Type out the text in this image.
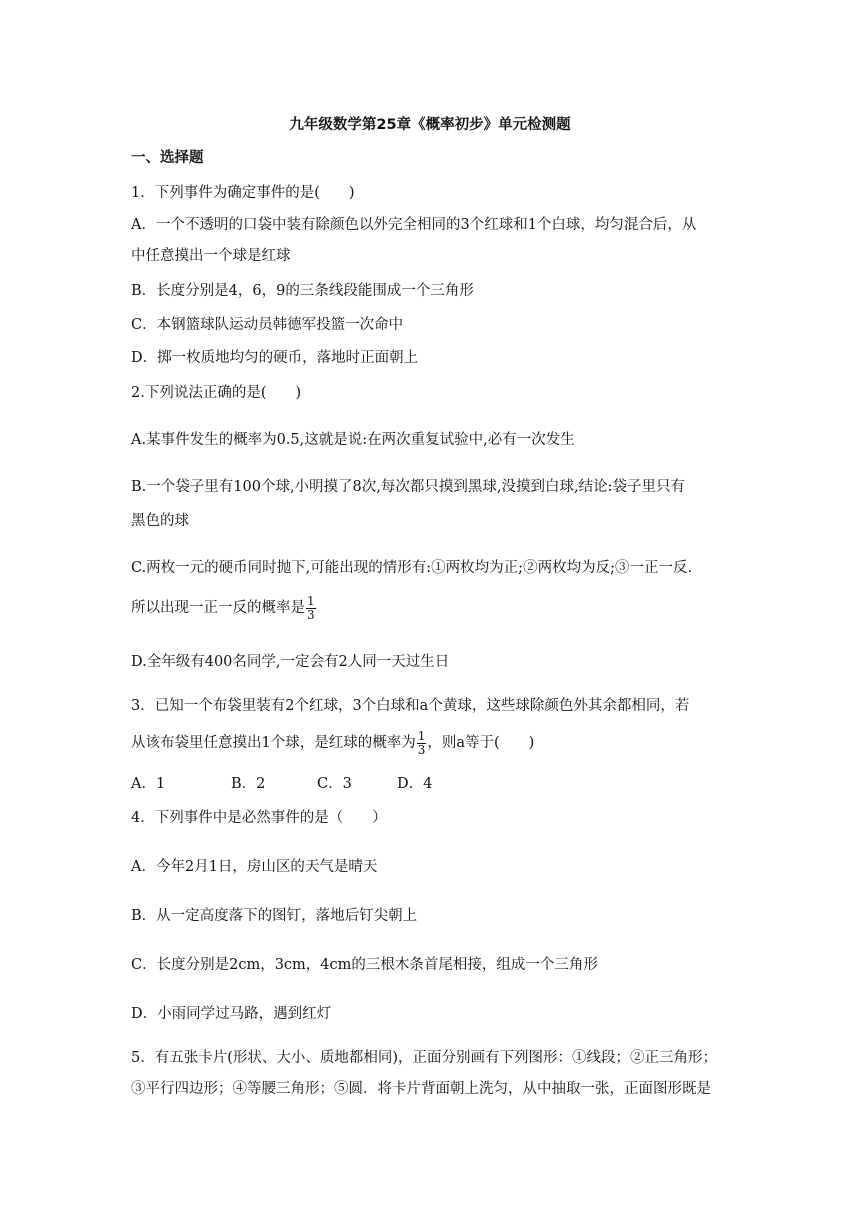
九年级数学第25章《概率初步》单元检测题
一、选择题
1．下列事件为确定事件的是(　　)
A．一个不透明的口袋中装有除颜色以外完全相同的3个红球和1个白球，均匀混合后，从
中任意摸出一个球是红球
B．长度分别是4，6，9的三条线段能围成一个三角形
C．本钢篮球队运动员韩德军投篮一次命中
D．掷一枚质地均匀的硬币，落地时正面朝上
2.下列说法正确的是(　　)
A.某事件发生的概率为0.5,这就是说:在两次重复试验中,必有一次发生
B.一个袋子里有100个球,小明摸了8次,每次都只摸到黑球,没摸到白球,结论:袋子里只有
黑色的球
C.两枚一元的硬币同时抛下,可能出现的情形有:①两枚均为正;②两枚均为反;③一正一反.
所以出现一正一反的概率是 $\frac{1}{3}$
D.全年级有400名同学,一定会有2人同一天过生日
3．已知一个布袋里装有2个红球，3个白球和a个黄球，这些球除颜色外其余都相同，若
从该布袋里任意摸出1个球，是红球的概率为 $\frac{1}{3}$ ，则a等于(　　)
A．1	B．2	C．3	D．4
4．下列事件中是必然事件的是（　　）
A．今年2月1日，房山区的天气是晴天
B．从一定高度落下的图钉，落地后钉尖朝上
C．长度分别是2cm，3cm，4cm的三根木条首尾相接，组成一个三角形
D．小雨同学过马路，遇到红灯
5．有五张卡片(形状、大小、质地都相同)，正面分别画有下列图形：①线段；②正三角形；
③平行四边形；④等腰三角形；⑤圆．将卡片背面朝上洗匀，从中抽取一张，正面图形既是
